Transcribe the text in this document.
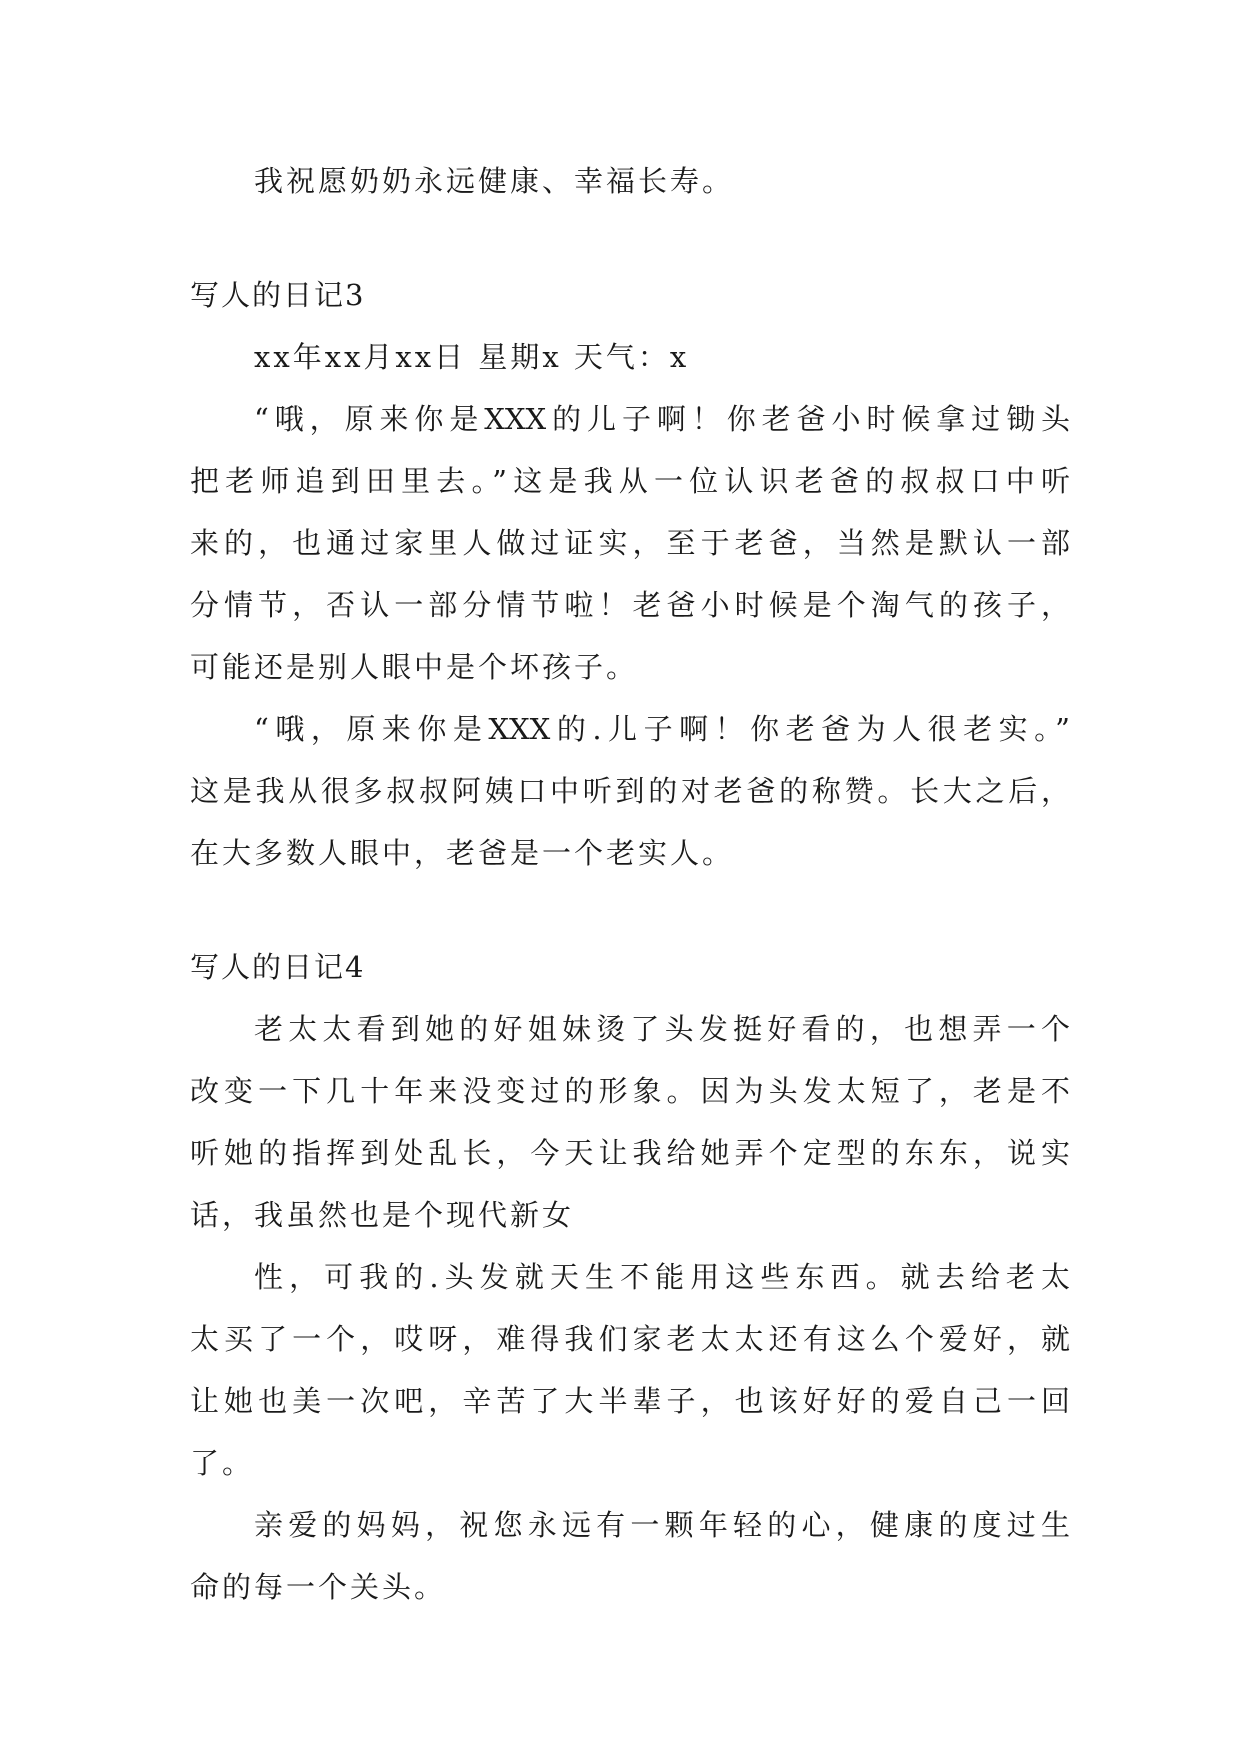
我祝愿奶奶永远健康、幸福长寿。
写人的日记3
xx年xx月xx日 星期x 天气：x
“哦，原来你是XXX的儿子啊！你老爸小时候拿过锄头
把老师追到田里去。”这是我从一位认识老爸的叔叔口中听
来的，也通过家里人做过证实，至于老爸，当然是默认一部
分情节，否认一部分情节啦！老爸小时候是个淘气的孩子，
可能还是别人眼中是个坏孩子。
“哦，原来你是XXX的.儿子啊！你老爸为人很老实。”
这是我从很多叔叔阿姨口中听到的对老爸的称赞。长大之后，
在大多数人眼中，老爸是一个老实人。
写人的日记4
老太太看到她的好姐妹烫了头发挺好看的，也想弄一个
改变一下几十年来没变过的形象。因为头发太短了，老是不
听她的指挥到处乱长，今天让我给她弄个定型的东东，说实
话，我虽然也是个现代新女
性，可我的.头发就天生不能用这些东西。就去给老太
太买了一个，哎呀，难得我们家老太太还有这么个爱好，就
让她也美一次吧，辛苦了大半辈子，也该好好的爱自己一回
了。
亲爱的妈妈，祝您永远有一颗年轻的心，健康的度过生
命的每一个关头。
